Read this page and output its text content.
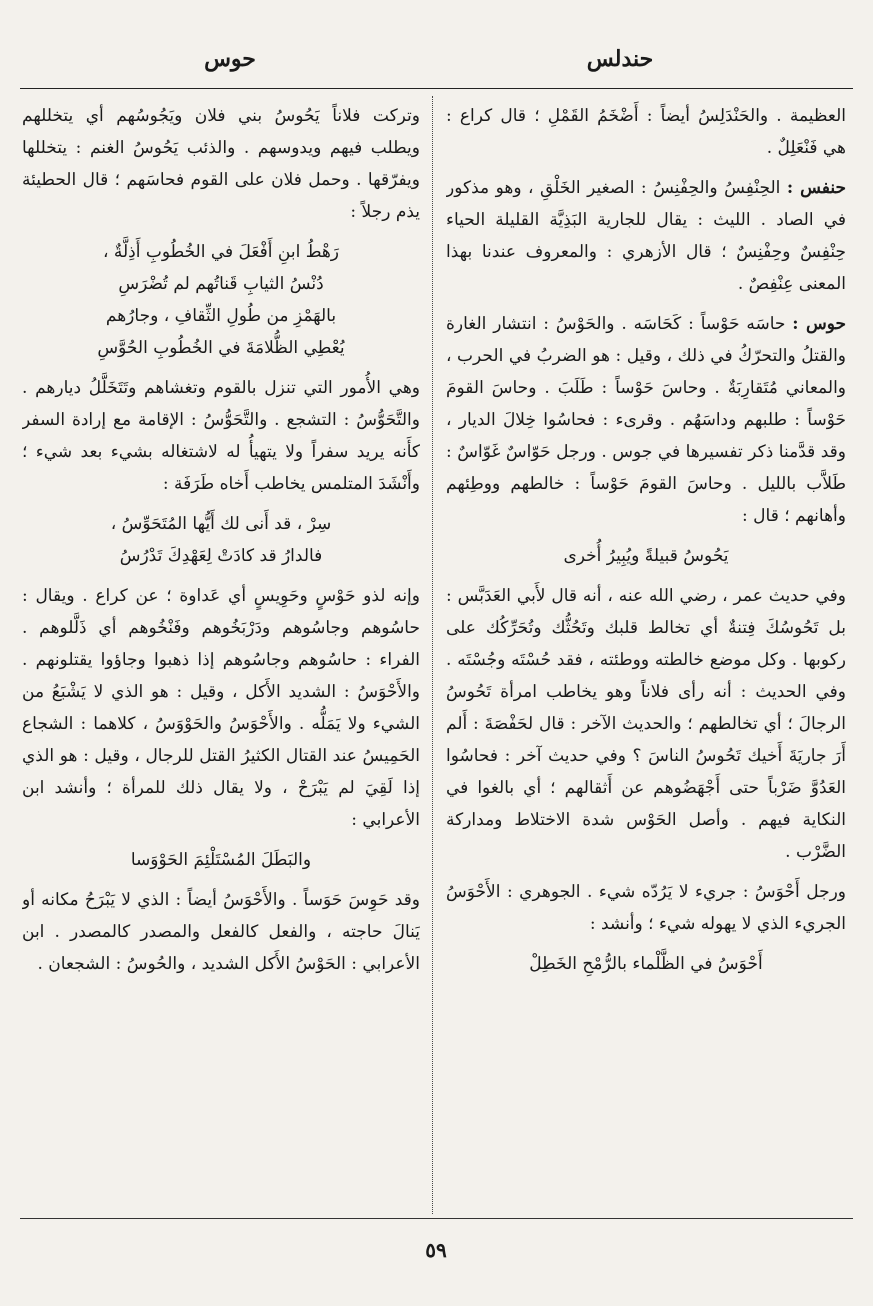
حندلس
حوس

العظيمة . والحَنْدَلِسُ أيضاً : أَضْخَمُ القَمْلِ ؛ قال كراع : هي فَنْعَلِلٌ .

حنفس : الحِنْفِسُ والحِفْنِسُ : الصغير الخَلْقِ ، وهو مذكور في الصاد . الليث : يقال للجارية البَذِيَّة القليلة الحياء حِنْفِسٌ وحِفْنِسٌ ؛ قال الأزهري : والمعروف عندنا بهذا المعنى عِنْفِصٌ .

حوس : حاسَه حَوْساً : كَحَاسَه . والحَوْسُ : انتشار الغارة والقتلُ والتحرّكُ في ذلك ، وقيل : هو الضربُ في الحرب ، والمعاني مُتَقارِبَةٌ . وحاسَ حَوْساً : طَلَبَ . وحاسَ القومَ حَوْساً : طلبهم وداسَهُم . وقرىء : فحاسُوا خِلالَ الديار ، وقد قدَّمنا ذكر تفسيرها في جوس . ورجل حَوّاسٌ غَوّاسٌ : طَلاَّب بالليل . وحاسَ القومَ حَوْساً : خالطهم ووطِئهم وأهانهم ؛ قال :

يَحُوسُ قبيلةً ويُبِيرُ أُخرى

وفي حديث عمر ، رضي الله عنه ، أنه قال لأَبي العَدَبَّس : بل تَحُوسُكَ فِتنةٌ أي تخالط قلبك وتَحُثُّك وتُحَرِّكُك على ركوبها . وكل موضع خالطته ووطئته ، فقد حُسْتَه وجُسْتَه . وفي الحديث : أنه رأى فلاناً وهو يخاطب امرأة تَحُوسُ الرجالَ ؛ أي تخالطهم ؛ والحديث الآخر : قال لحَفْصَةَ : أَلم أَرَ جاريَةَ أَخيك تَحُوسُ الناسَ ؟ وفي حديث آخر : فحاسُوا العَدُوَّ ضَرْباً حتى أَجْهَضُوهم عن أَثقالهم ؛ أي بالغوا في النكاية فيهم . وأصل الحَوْس شدة الاختلاط ومداركة الضَّرْب .

ورجل أَحْوَسُ : جريء لا يَرُدّه شيء . الجوهري : الأَحْوَسُ الجريء الذي لا يهوله شيء ؛ وأنشد :

أَحْوَسُ في الظَّلْماء بالرُّمْحِ الخَطِلْ

وتركت فلاناً يَحُوسُ بني فلان ويَجُوسُهم أي يتخللهم ويطلب فيهم ويدوسهم . والذئب يَحُوسُ الغنم : يتخللها ويفرّقها . وحمل فلان على القوم فحاسَهم ؛ قال الحطيئة يذم رجلاً :

رَهْطُ ابنِ أَفْعَلَ في الخُطُوبِ أَذِلَّةٌ ،
دُنْسُ الثيابِ قَناتُهم لم تُضْرَسِ
بالهَمْزِ من طُولِ الثِّقافِ ، وجارُهم
يُعْطِي الظُّلامَةَ في الخُطُوبِ الحُوَّسِ

وهي الأُمور التي تنزل بالقوم وتغشاهم وتَتَخَلَّلُ ديارهم . والتَّحَوُّسُ : التشجع . والتَّحَوُّسُ : الإقامة مع إرادة السفر كأَنه يريد سفراً ولا يتهيأُ له لاشتغاله بشيء بعد شيء ؛ وأَنْشَدَ المتلمس يخاطب أَخاه طَرَفَة :

سِرْ ، قد أَنى لك أَيُّها المُتَحَوِّسُ ،
فالدارُ قد كادَتْ لِعَهْدِكَ تَدْرُسُ

وإنه لذو حَوْسٍ وحَوِيسٍ أي عَداوة ؛ عن كراع . ويقال : حاسُوهم وجاسُوهم ودَرْبَخُوهم وفَنْخُوهم أي ذَلَّلوهم . الفراء : حاسُوهم وجاسُوهم إذا ذهبوا وجاؤوا يقتلونهم . والأَحْوَسُ : الشديد الأَكل ، وقيل : هو الذي لا يَشْبَعُ من الشيء ولا يَمَلُّه . والأَحْوَسُ والحَوْوَسُ ، كلاهما : الشجاع الحَمِيسُ عند القتال الكثيرُ القتل للرجال ، وقيل : هو الذي إذا لَقِيَ لم يَبْرَحْ ، ولا يقال ذلك للمرأة ؛ وأنشد ابن الأعرابي :

والبَطَلَ المُسْتَلْئِمَ الحَوْوَسا

وقد حَوِسَ حَوَساً . والأَحْوَسُ أيضاً : الذي لا يَبْرَحُ مكانه أو يَنالَ حاجته ، والفعل كالفعل والمصدر كالمصدر . ابن الأعرابي : الحَوْسُ الأَكل الشديد ، والحُوسُ : الشجعان .

٥٩
